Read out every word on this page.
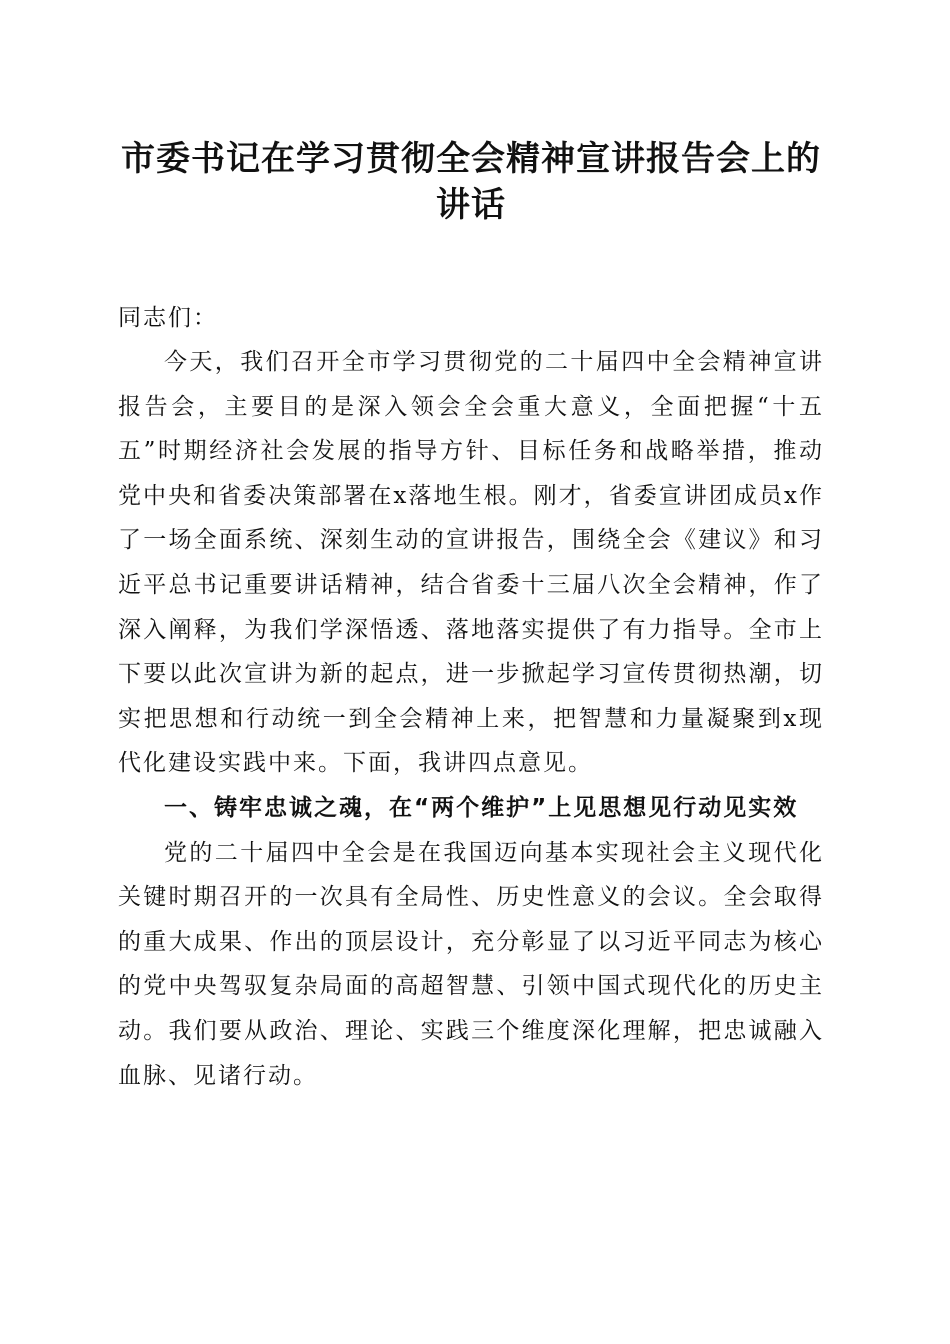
市委书记在学习贯彻全会精神宣讲报告会上的
讲话

同志们：

今天，我们召开全市学习贯彻党的二十届四中全会精神宣讲报告会，主要目的是深入领会全会重大意义，全面把握“十五五”时期经济社会发展的指导方针、目标任务和战略举措，推动党中央和省委决策部署在x落地生根。刚才，省委宣讲团成员x作了一场全面系统、深刻生动的宣讲报告，围绕全会《建议》和习近平总书记重要讲话精神，结合省委十三届八次全会精神，作了深入阐释，为我们学深悟透、落地落实提供了有力指导。全市上下要以此次宣讲为新的起点，进一步掀起学习宣传贯彻热潮，切实把思想和行动统一到全会精神上来，把智慧和力量凝聚到x现代化建设实践中来。下面，我讲四点意见。

一、铸牢忠诚之魂，在“两个维护”上见思想见行动见实效

党的二十届四中全会是在我国迈向基本实现社会主义现代化关键时期召开的一次具有全局性、历史性意义的会议。全会取得的重大成果、作出的顶层设计，充分彰显了以习近平同志为核心的党中央驾驭复杂局面的高超智慧、引领中国式现代化的历史主动。我们要从政治、理论、实践三个维度深化理解，把忠诚融入血脉、见诸行动。
